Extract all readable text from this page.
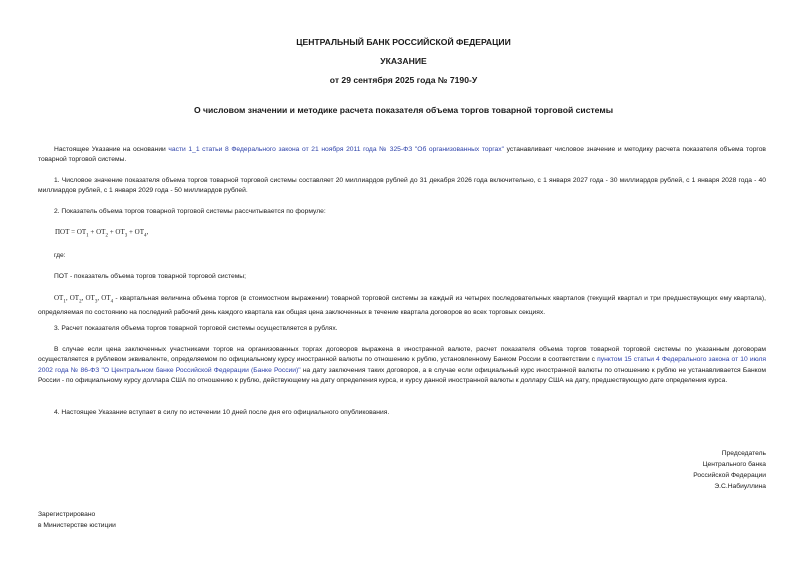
ЦЕНТРАЛЬНЫЙ БАНК РОССИЙСКОЙ ФЕДЕРАЦИИ
УКАЗАНИЕ
от 29 сентября 2025 года № 7190-У
О числовом значении и методике расчета показателя объема торгов товарной торговой системы
Настоящее Указание на основании части 1_1 статьи 8 Федерального закона от 21 ноября 2011 года № 325-ФЗ "Об организованных торгах" устанавливает числовое значение и методику расчета показателя объема торгов товарной торговой системы.
1. Числовое значение показателя объема торгов товарной торговой системы составляет 20 миллиардов рублей до 31 декабря 2026 года включительно, с 1 января 2027 года - 30 миллиардов рублей, с 1 января 2028 года - 40 миллиардов рублей, с 1 января 2029 года - 50 миллиардов рублей.
2. Показатель объема торгов товарной торговой системы рассчитывается по формуле:
ПОТ = $ОТ_1 + ОТ_2 + ОТ_3 + ОТ_4$,
где:
ПОТ - показатель объема торгов товарной торговой системы;
$ОТ_1$, $ОТ_2$, $ОТ_3$, $ОТ_4$ - квартальная величина объема торгов (в стоимостном выражении) товарной торговой системы за каждый из четырех последовательных кварталов (текущий квартал и три предшествующих ему квартала), определяемая по состоянию на последний рабочий день каждого квартала как общая цена заключенных в течение квартала договоров во всех торговых секциях.
3. Расчет показателя объема торгов товарной торговой системы осуществляется в рублях.
В случае если цена заключенных участниками торгов на организованных торгах договоров выражена в иностранной валюте, расчет показателя объема торгов товарной торговой системы по указанным договорам осуществляется в рублевом эквиваленте, определяемом по официальному курсу иностранной валюты по отношению к рублю, установленному Банком России в соответствии с пунктом 15 статьи 4 Федерального закона от 10 июля 2002 года № 86-ФЗ "О Центральном банке Российской Федерации (Банке России)" на дату заключения таких договоров, а в случае если официальный курс иностранной валюты по отношению к рублю не устанавливается Банком России - по официальному курсу доллара США по отношению к рублю, действующему на дату определения курса, и курсу данной иностранной валюты к доллару США на дату, предшествующую дате определения курса.
4. Настоящее Указание вступает в силу по истечении 10 дней после дня его официального опубликования.
Председатель
Центрального банка
Российской Федерации
Э.С.Набиуллина
Зарегистрировано
в Министерстве юстиции
